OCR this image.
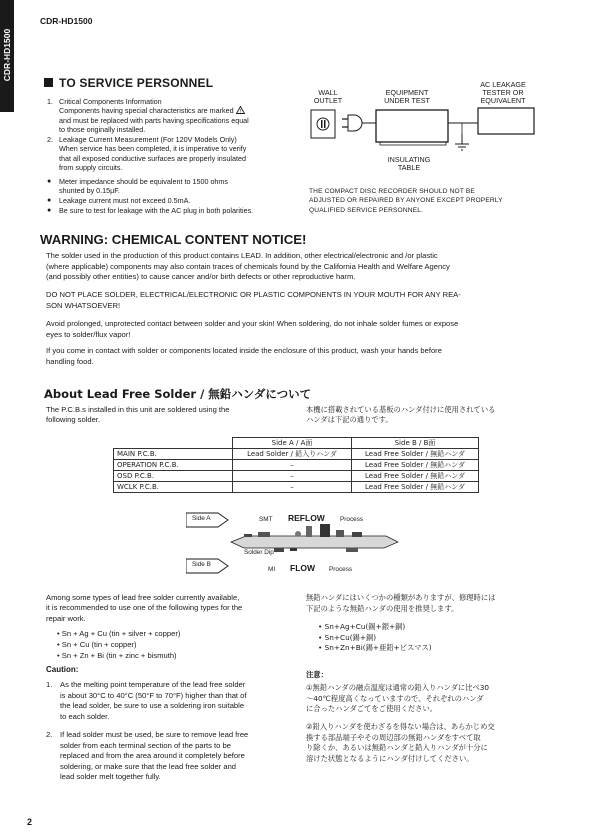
CDR-HD1500
CDR-HD1500
TO SERVICE PERSONNEL
1. Critical Components Information
Components having special characteristics are marked !
and must be replaced with parts having specifications equal
to those originally installed.
2. Leakage Current Measurement (For 120V Models Only)
When service has been completed, it is imperative to verify
that all exposed conductive surfaces are properly insulated
from supply circuits.
● Meter impedance should be equivalent to 1500 ohms
shunted by 0.15µF.
● Leakage current must not exceed 0.5mA.
● Be sure to test for leakage with the AC plug in both polarities.
WALL
OUTLET
EQUIPMENT
UNDER TEST
AC LEAKAGE
TESTER OR
EQUIVALENT
INSULATING
TABLE
THE COMPACT DISC RECORDER SHOULD NOT BE
ADJUSTED OR REPAIRED BY ANYONE EXCEPT PROPERLY
QUALIFIED SERVICE PERSONNEL.
WARNING: CHEMICAL CONTENT NOTICE!
The solder used in the production of this product contains LEAD. In addition, other electrical/electronic and /or plastic
(where applicable) components may also contain traces of chemicals found by the California Health and Welfare Agency
(and possibly other entities) to cause cancer and/or birth defects or other reproductive harm.
DO NOT PLACE SOLDER, ELECTRICAL/ELECTRONIC OR PLASTIC COMPONENTS IN YOUR MOUTH FOR ANY REA-
SON WHATSOEVER!
Avoid prolonged, unprotected contact between solder and your skin! When soldering, do not inhale solder fumes or expose
eyes to solder/flux vapor!
If you come in contact with solder or components located inside the enclosure of this product, wash your hands before
handling food.
About Lead Free Solder / 無鉛ハンダについて
The P.C.B.s installed in this unit are soldered using the
following solder.
本機に搭載されている基板のハンダ付けに使用されている
ハンダは下記の通りです。
	Side A / A面	Side B / B面
MAIN P.C.B.	Lead Solder / 鉛入りハンダ	Lead Free Solder / 無鉛ハンダ
OPERATION P.C.B.	–	Lead Free Solder / 無鉛ハンダ
OSD P.C.B.	–	Lead Free Solder / 無鉛ハンダ
WCLK P.C.B.	–	Lead Free Solder / 無鉛ハンダ
Side A
Side B
SMT REFLOW Process
Solder Dip
MI FLOW Process
Among some types of lead free solder currently available,
it is recommended to use one of the following types for the
repair work.
• Sn + Ag + Cu (tin + silver + copper)
• Sn + Cu (tin + copper)
• Sn + Zn + Bi (tin + zinc + bismuth)
Caution:
1. As the melting point temperature of the lead free solder
is about 30°C to 40°C (50°F to 70°F) higher than that of
the lead solder, be sure to use a soldering iron suitable
to each solder.
2. If lead solder must be used, be sure to remove lead free
solder from each terminal section of the parts to be
replaced and from the area around it completely before
soldering, or make sure that the lead free solder and
lead solder melt together fully.
無鉛ハンダにはいくつかの種類がありますが、修理時には
下記のような無鉛ハンダの使用を推奨します。
• Sn+Ag+Cu(錫+銀+銅)
• Sn+Cu(錫+銅)
• Sn+Zn+Bi(錫+亜鉛+ビスマス)
注意：
①無鉛ハンダの融点温度は通常の鉛入りハンダに比べ30
〜40℃程度高くなっていますので、それぞれのハンダ
に合ったハンダごてをご使用ください。
②鉛入りハンダを使わざるを得ない場合は、あらかじめ交
換する部品端子やその周辺部の無鉛ハンダをすべて取
り除くか、あるいは無鉛ハンダと鉛入りハンダが十分に
溶けた状態となるようにハンダ付けしてください。
2
